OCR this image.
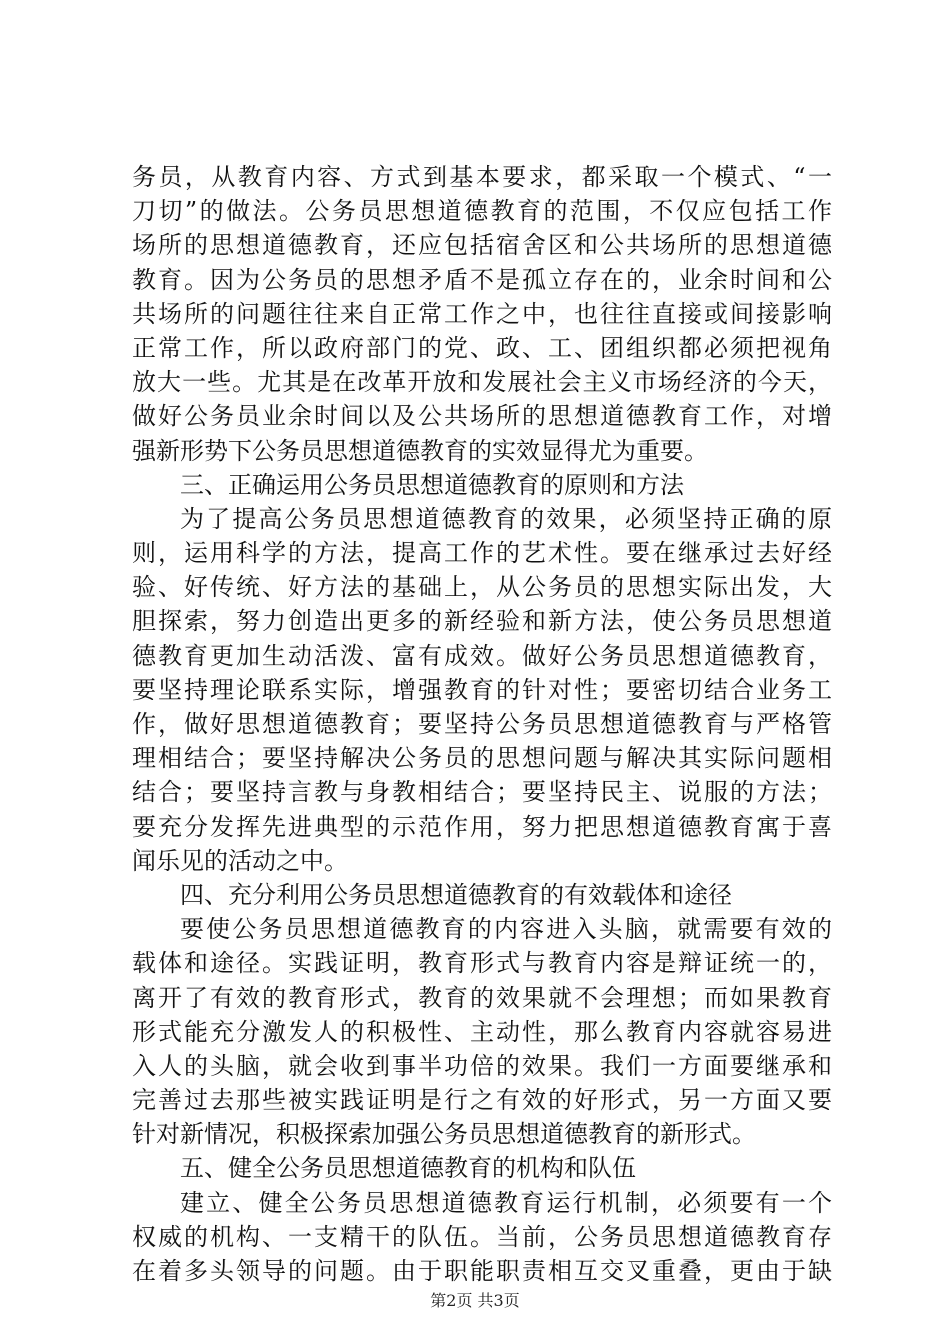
务员，从教育内容、方式到基本要求，都采取一个模式、“一
刀切”的做法。公务员思想道德教育的范围，不仅应包括工作
场所的思想道德教育，还应包括宿舍区和公共场所的思想道德
教育。因为公务员的思想矛盾不是孤立存在的，业余时间和公
共场所的问题往往来自正常工作之中，也往往直接或间接影响
正常工作，所以政府部门的党、政、工、团组织都必须把视角
放大一些。尤其是在改革开放和发展社会主义市场经济的今天，
做好公务员业余时间以及公共场所的思想道德教育工作，对增
强新形势下公务员思想道德教育的实效显得尤为重要。
三、正确运用公务员思想道德教育的原则和方法
为了提高公务员思想道德教育的效果，必须坚持正确的原
则，运用科学的方法，提高工作的艺术性。要在继承过去好经
验、好传统、好方法的基础上，从公务员的思想实际出发，大
胆探索，努力创造出更多的新经验和新方法，使公务员思想道
德教育更加生动活泼、富有成效。做好公务员思想道德教育，
要坚持理论联系实际，增强教育的针对性；要密切结合业务工
作，做好思想道德教育；要坚持公务员思想道德教育与严格管
理相结合；要坚持解决公务员的思想问题与解决其实际问题相
结合；要坚持言教与身教相结合；要坚持民主、说服的方法；
要充分发挥先进典型的示范作用，努力把思想道德教育寓于喜
闻乐见的活动之中。
四、充分利用公务员思想道德教育的有效载体和途径
要使公务员思想道德教育的内容进入头脑，就需要有效的
载体和途径。实践证明，教育形式与教育内容是辩证统一的，
离开了有效的教育形式，教育的效果就不会理想；而如果教育
形式能充分激发人的积极性、主动性，那么教育内容就容易进
入人的头脑，就会收到事半功倍的效果。我们一方面要继承和
完善过去那些被实践证明是行之有效的好形式，另一方面又要
针对新情况，积极探索加强公务员思想道德教育的新形式。
五、健全公务员思想道德教育的机构和队伍
建立、健全公务员思想道德教育运行机制，必须要有一个
权威的机构、一支精干的队伍。当前，公务员思想道德教育存
在着多头领导的问题。由于职能职责相互交叉重叠，更由于缺
第2页 共3页
